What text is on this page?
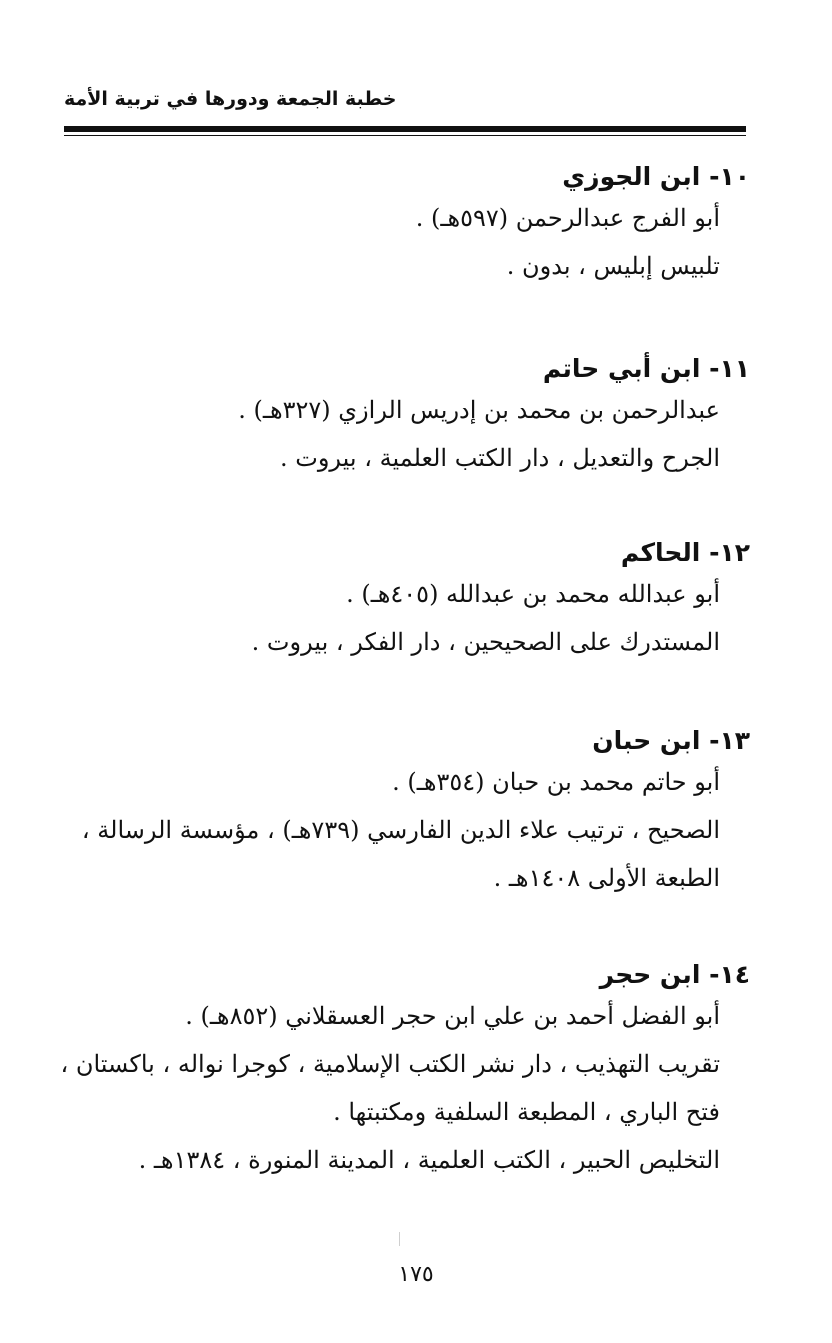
خطبة الجمعة ودورها في تربية الأمة
١٠- ابن الجوزي
أبو الفرج عبدالرحمن (٥٩٧هـ) .
تلبيس إبليس ، بدون .
١١- ابن أبي حاتم
عبدالرحمن بن محمد بن إدريس الرازي (٣٢٧هـ) .
الجرح والتعديل ، دار الكتب العلمية ، بيروت .
١٢- الحاكم
أبو عبدالله محمد بن عبدالله (٤٠٥هـ) .
المستدرك على الصحيحين ، دار الفكر ، بيروت .
١٣- ابن حبان
أبو حاتم محمد بن حبان (٣٥٤هـ) .
الصحيح ، ترتيب علاء الدين الفارسي (٧٣٩هـ) ، مؤسسة الرسالة ،
الطبعة الأولى ١٤٠٨هـ .
١٤- ابن حجر
أبو الفضل أحمد بن علي ابن حجر العسقلاني (٨٥٢هـ) .
تقريب التهذيب ، دار نشر الكتب الإسلامية ، كوجرا نواله ، باكستان ،
فتح الباري ، المطبعة السلفية ومكتبتها .
التخليص الحبير ، الكتب العلمية ، المدينة المنورة ، ١٣٨٤هـ .
١٧٥
